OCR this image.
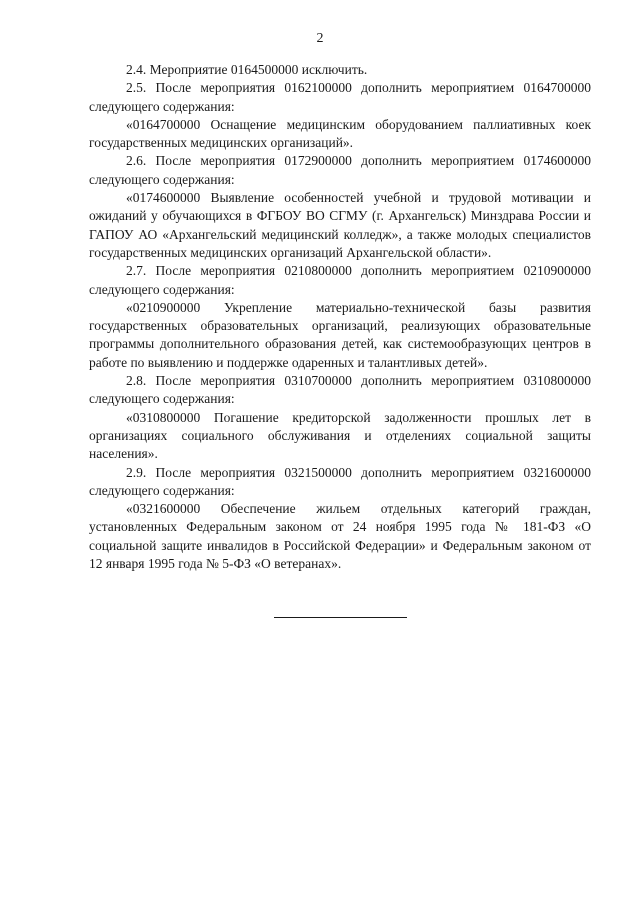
2

2.4. Мероприятие 0164500000 исключить.

2.5. После мероприятия 0162100000 дополнить мероприятием 0164700000 следующего содержания:

«0164700000 Оснащение медицинским оборудованием паллиативных коек государственных медицинских организаций».

2.6. После мероприятия 0172900000 дополнить мероприятием 0174600000 следующего содержания:

«0174600000 Выявление особенностей учебной и трудовой мотивации и ожиданий у обучающихся в ФГБОУ ВО СГМУ (г. Архангельск) Минздрава России и ГАПОУ АО «Архангельский медицинский колледж», а также молодых специалистов государственных медицинских организаций Архангельской области».

2.7. После мероприятия 0210800000 дополнить мероприятием 0210900000 следующего содержания:

«0210900000 Укрепление материально-технической базы развития государственных образовательных организаций, реализующих образовательные программы дополнительного образования детей, как системообразующих центров в работе по выявлению и поддержке одаренных и талантливых детей».

2.8. После мероприятия 0310700000 дополнить мероприятием 0310800000 следующего содержания:

«0310800000 Погашение кредиторской задолженности прошлых лет в организациях социального обслуживания и отделениях социальной защиты населения».

2.9. После мероприятия 0321500000 дополнить мероприятием 0321600000 следующего содержания:

«0321600000 Обеспечение жильем отдельных категорий граждан, установленных Федеральным законом от 24 ноября 1995 года № 181-ФЗ «О социальной защите инвалидов в Российской Федерации» и Федеральным законом от 12 января 1995 года № 5-ФЗ «О ветеранах».
